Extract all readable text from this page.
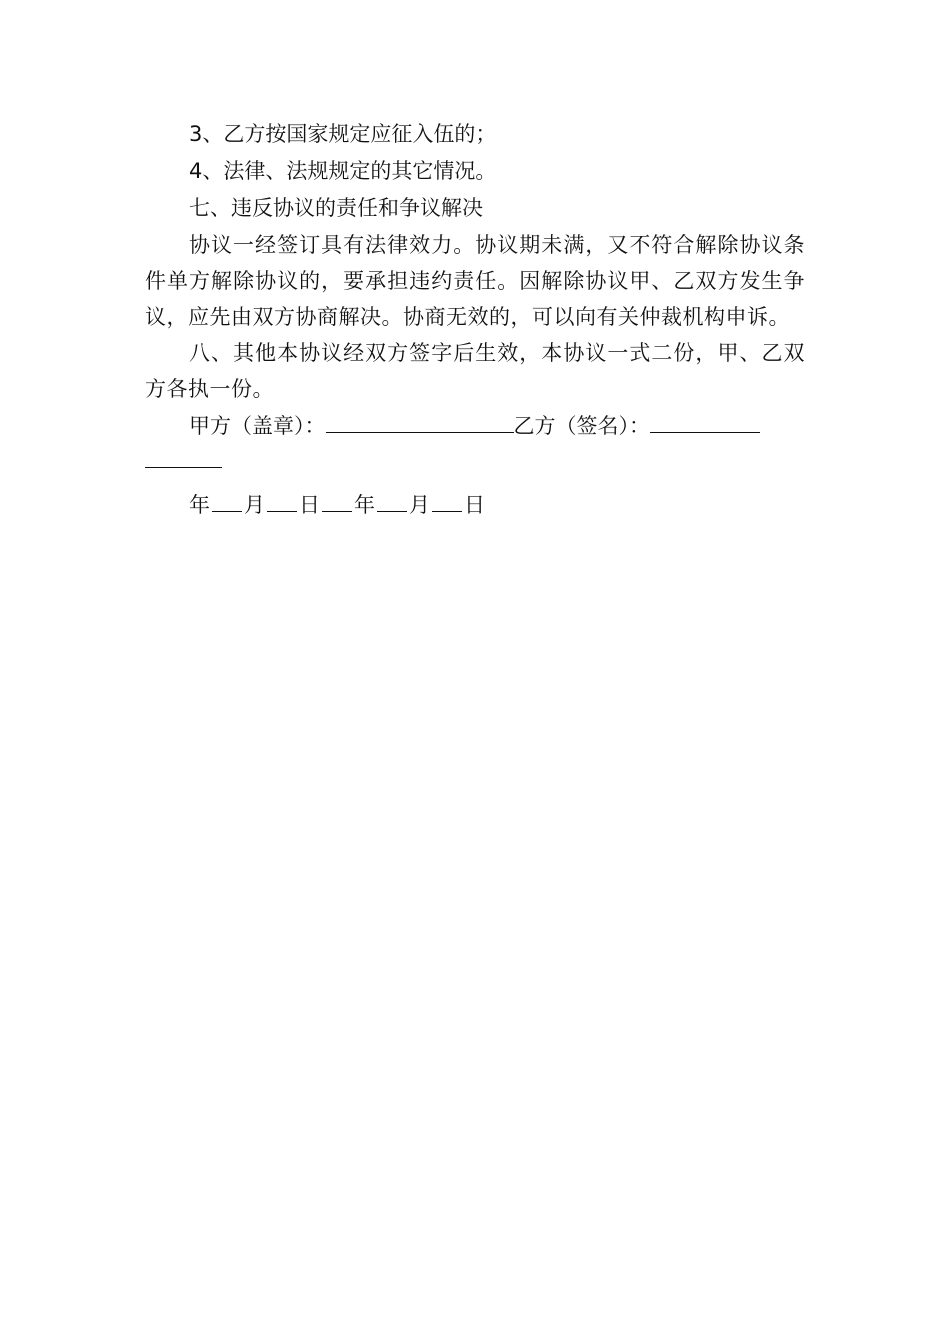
3、乙方按国家规定应征入伍的；

4、法律、法规规定的其它情况。

七、违反协议的责任和争议解决

协议一经签订具有法律效力。协议期未满，又不符合解除协议条件单方解除协议的，要承担违约责任。因解除协议甲、乙双方发生争议，应先由双方协商解决。协商无效的，可以向有关仲裁机构申诉。

八、其他本协议经双方签字后生效，本协议一式二份，甲、乙双方各执一份。

甲方（盖章）：	乙方（签名）：
年 月 日 年 月 日
